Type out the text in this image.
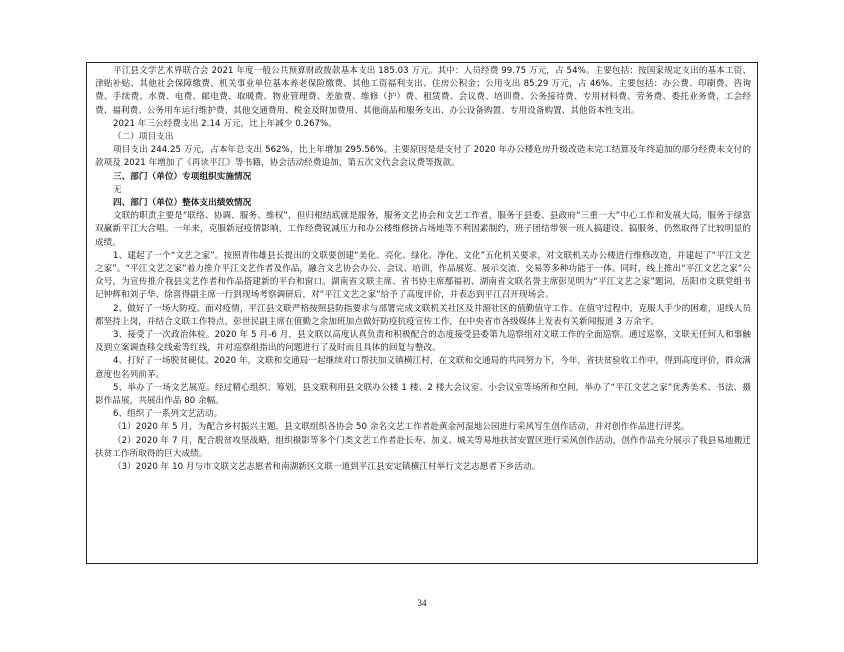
平江县文学艺术界联合会 2021 年度一般公共预算财政拨款基本支出 185.03 万元。其中：人员经费 99.75 万元，占 54%。主要包括：按国家规定支出的基本工资、津贴补贴、其他社会保障缴费、机关事业单位基本养老保险缴费、其他工资福利支出、住房公积金；公用支出 85.29 万元，占 46%。主要包括：办公费、印刷费、咨询费、手续费、水费、电费、邮电费、取暖费、物业管理费、差旅费、维修（护）费、租赁费、会议费、培训费、公务接待费、专用材料费、劳务费、委托业务费、工会经费、福利费、公务用车运行维护费、其他交通费用、税金及附加费用、其他商品和服务支出、办公设备购置、专用设备购置、其他资本性支出。

2021 年三公经费支出 2.14 万元，比上年减少 0.267%。

（二）项目支出

项目支出 244.25 万元，占本年总支出 562%，比上年增加 295.56%。主要原因是是支付了 2020 年办公楼危房升级改造未完工结算及年终追加的部分经费未支付的款项及 2021 年增加了《再读平江》等书籍，协会活动经费追加，第五次文代会会议费等拨款。

三、部门（单位）专项组织实施情况

无

四、部门（单位）整体支出绩效情况

文联的职责主要是“联络、协调、服务、维权”，但归根结底就是服务，服务文艺协会和文艺工作者，服务于县委、县政府“三重一大”中心工作和发展大局，服务于绿富双赢新平江大合唱。一年来，克服新冠疫情影响，工作经费锐减压力和办公楼维修挤占场地等不利因素制约，班子团结带领一班人搞建设、搞服务，仍然取得了比较明显的成绩。

1、建起了一个“文艺之家”。按照青伟雄县长提出的文联要创建“美化、亮化、绿化、净化、文化”五化机关要求，对文联机关办公楼进行维修改造，并建起了“平江文艺之家”。“平江文艺之家”着力推介平江文艺作者及作品，融合文艺协会办公、会议、培训，作品展览、展示交流、交易等多种功能于一体。同时，线上推出“平江文艺之家”公众号，为宣传推介我县文艺作者和作品搭建新的平台和窗口。湖南省文联主席、省书协主席鄢福初、湖南省文联名誉主席彭见明为“平江文艺之家”题词，岳阳市文联党组书记钟辉和刘子华、徐喜得副主席一行到现场考察调研后，对“平江文艺之家”给予了高度评价，并表态到平江召开现场会。

2、做好了一场大防疫。面对疫情，平江县文联严格按照县防指要求与部署完成文联机关社区及井湄社区的值勤值守工作。在值守过程中，克服人手少的困难，退线人员都坚持上岗，并结合文联工作特点，彭世民副主席在值勤之余加班加点做好防疫抗疫宣传工作，在中央省市各级媒体上发表有关新闻报道 3 万余字。

3、接受了一次政治体检。2020 年 5 月-6 月，县文联以高度认真负责和积极配合的态度接受县委第九巡察组对文联工作的全面巡察。通过巡察，文联无任何人和事触及到立案调查移交线索等红线，并对巡察组指出的问题进行了及时而且具体的回复与整改。

4、打好了一场脱贫硬仗。2020 年，文联和交通局一起继续对口帮扶加义镇横江村，在文联和交通局的共同努力下，今年，省扶贫验收工作中，得到高度评价，群众满意度也名列前茅。

5、举办了一场文艺展览。经过精心组织、筹划，县文联利用县文联办公楼 1 楼、2 楼大会议室、小会议室等场所和空间，举办了“平江文艺之家”优秀美术、书法、摄影作品展，共展出作品 80 余幅。

6、组织了一系列文艺活动。

（1）2020 年 5 月，为配合乡村振兴主题，县文联组织各协会 50 余名文艺工作者赴黄金河湿地公园进行采风写生创作活动，并对创作作品进行评奖。

（2）2020 年 7 月，配合脱贫攻坚战略，组织摄影等多个门类文艺工作者赴长寿、加义、城关等易地扶贫安置区进行采风创作活动，创作作品充分展示了我县易地搬迁扶贫工作所取得的巨大成绩。

（3）2020 年 10 月与市文联文艺志愿者和南湖新区文联一道到平江县安定镇横江村举行文艺志愿者下乡活动。

34
